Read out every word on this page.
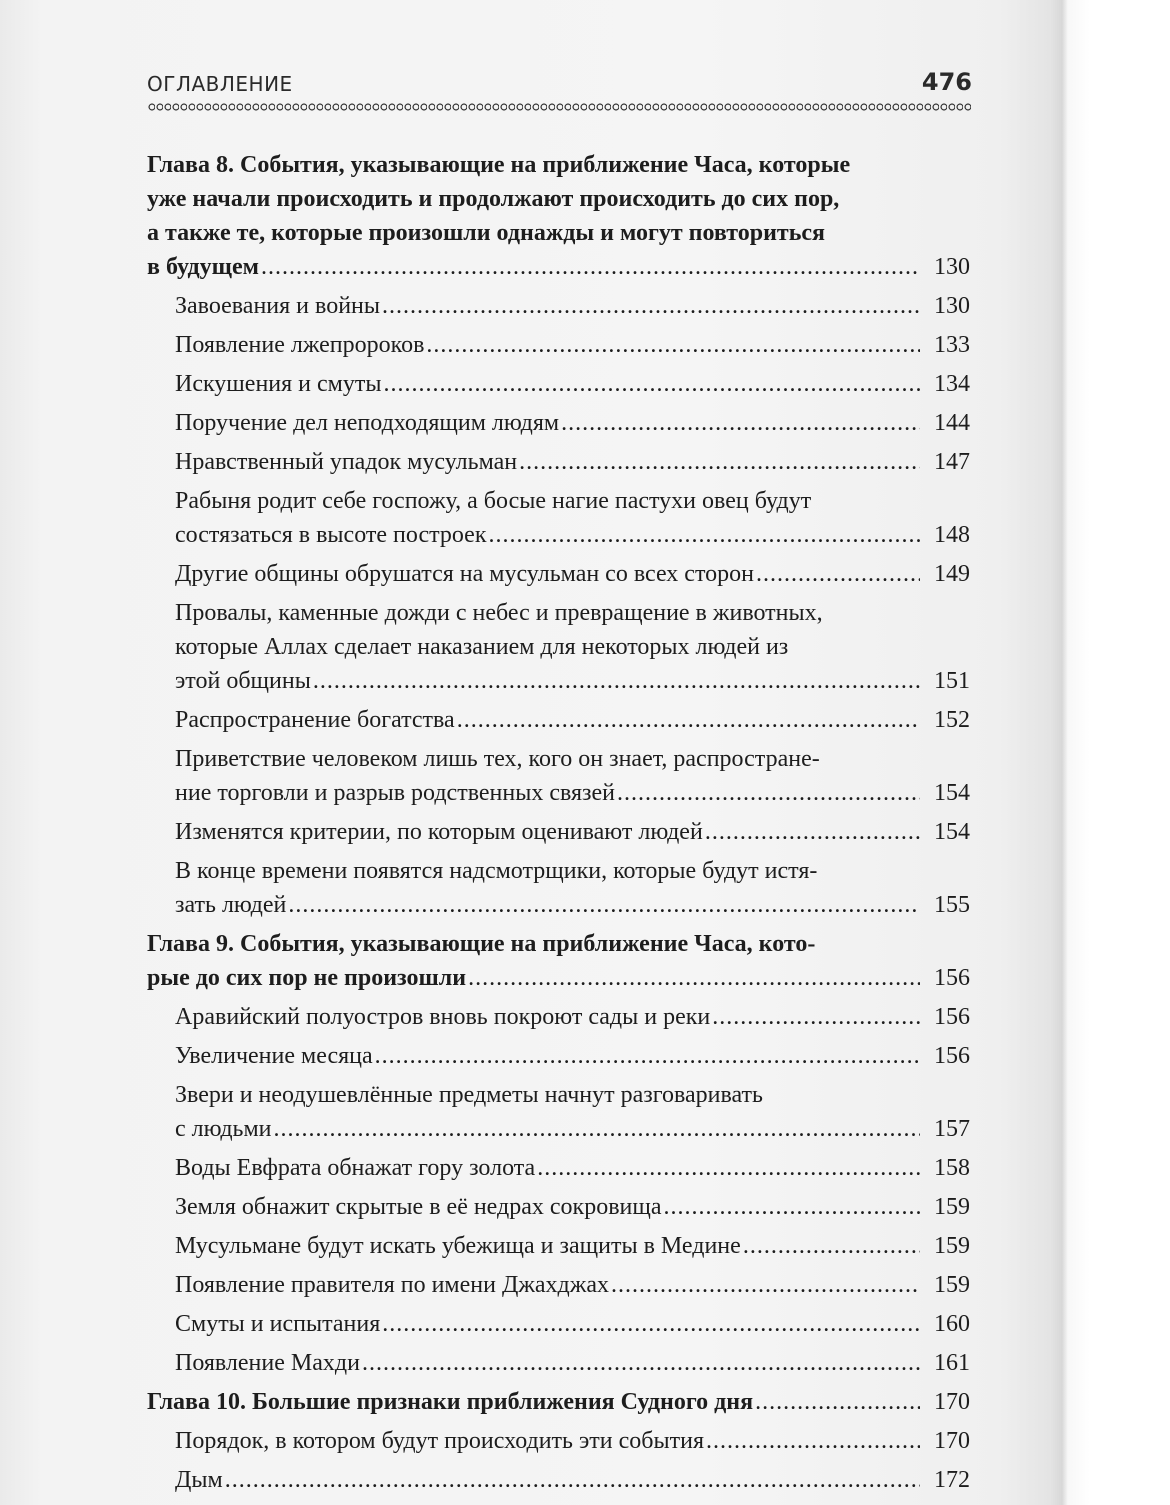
ОГЛАВЛЕНИЕ	476
Глава 8. События, указывающие на приближение Часа, которые
уже начали происходить и продолжают происходить до сих пор,
а также те, которые произошли однажды и могут повториться
в будущем .....	130
Завоевания и войны .....	130
Появление лжепророков .....	133
Искушения и смуты .....	134
Поручение дел неподходящим людям .....	144
Нравственный упадок мусульман .....	147
Рабыня родит себе госпожу, а босые нагие пастухи овец будут
состязаться в высоте построек .....	148
Другие общины обрушатся на мусульман со всех сторон .....	149
Провалы, каменные дожди с небес и превращение в животных,
которые Аллах сделает наказанием для некоторых людей из
этой общины .....	151
Распространение богатства .....	152
Приветствие человеком лишь тех, кого он знает, распростране-
ние торговли и разрыв родственных связей .....	154
Изменятся критерии, по которым оценивают людей .....	154
В конце времени появятся надсмотрщики, которые будут истя-
зать людей .....	155
Глава 9. События, указывающие на приближение Часа, кото-
рые до сих пор не произошли .....	156
Аравийский полуостров вновь покроют сады и реки .....	156
Увеличение месяца .....	156
Звери и неодушевлённые предметы начнут разговаривать
с людьми .....	157
Воды Евфрата обнажат гору золота .....	158
Земля обнажит скрытые в её недрах сокровища .....	159
Мусульмане будут искать убежища и защиты в Медине .....	159
Появление правителя по имени Джахджах .....	159
Смуты и испытания .....	160
Появление Махди .....	161
Глава 10. Большие признаки приближения Судного дня .....	170
Порядок, в котором будут происходить эти события .....	170
Дым .....	172
